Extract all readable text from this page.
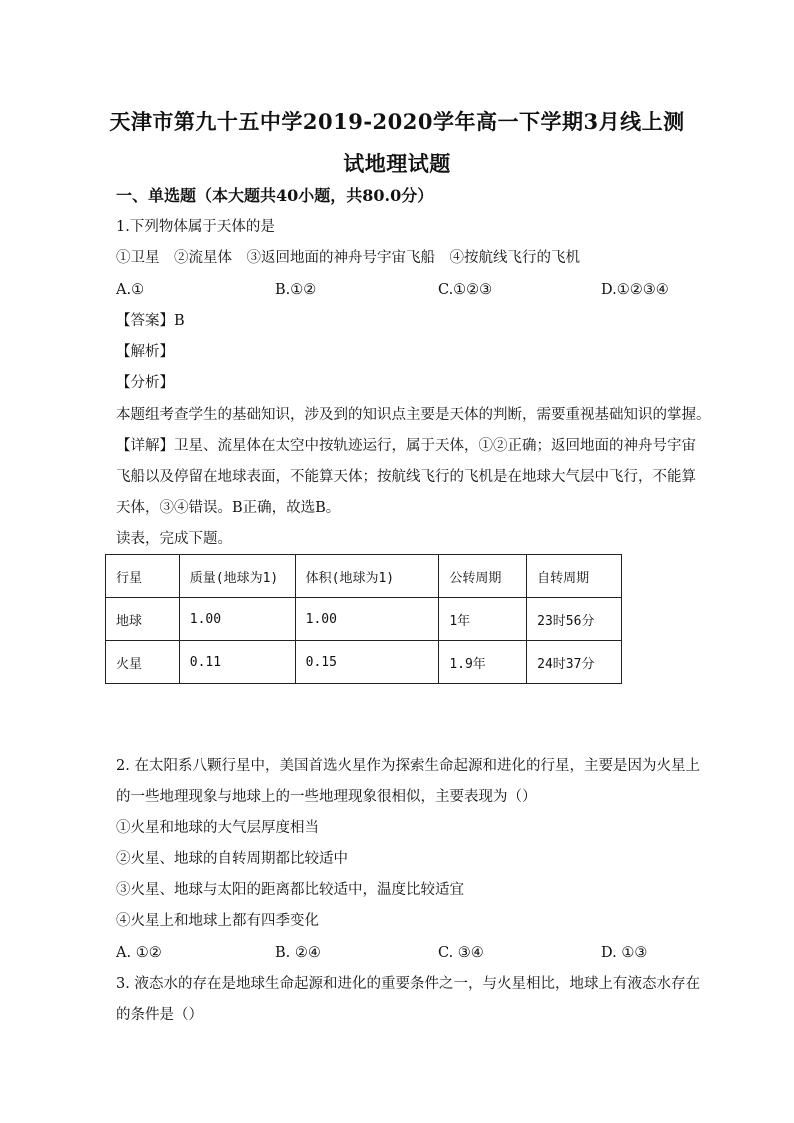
天津市第九十五中学2019-2020学年高一下学期3月线上测
试地理试题
一、单选题（本大题共40小题，共80.0分）
1.下列物体属于天体的是
①卫星　②流星体　③返回地面的神舟号宇宙飞船　④按航线飞行的飞机
A.①	B.①②	C.①②③	D.①②③④
【答案】B
【解析】
【分析】
本题组考查学生的基础知识，涉及到的知识点主要是天体的判断，需要重视基础知识的掌握。
【详解】卫星、流星体在太空中按轨迹运行，属于天体，①②正确；返回地面的神舟号宇宙
飞船以及停留在地球表面，不能算天体；按航线飞行的飞机是在地球大气层中飞行，不能算
天体，③④错误。B正确，故选B。
读表，完成下题。
行星	质量(地球为1)	体积(地球为1)	公转周期	自转周期
地球	1.00	1.00	1年	23时56分
火星	0.11	0.15	1.9年	24时37分
2. 在太阳系八颗行星中，美国首选火星作为探索生命起源和进化的行星，主要是因为火星上
的一些地理现象与地球上的一些地理现象很相似，主要表现为（）
①火星和地球的大气层厚度相当
②火星、地球的自转周期都比较适中
③火星、地球与太阳的距离都比较适中，温度比较适宜
④火星上和地球上都有四季变化
A. ①②	B. ②④	C. ③④	D. ①③
3. 液态水的存在是地球生命起源和进化的重要条件之一，与火星相比，地球上有液态水存在
的条件是（）
